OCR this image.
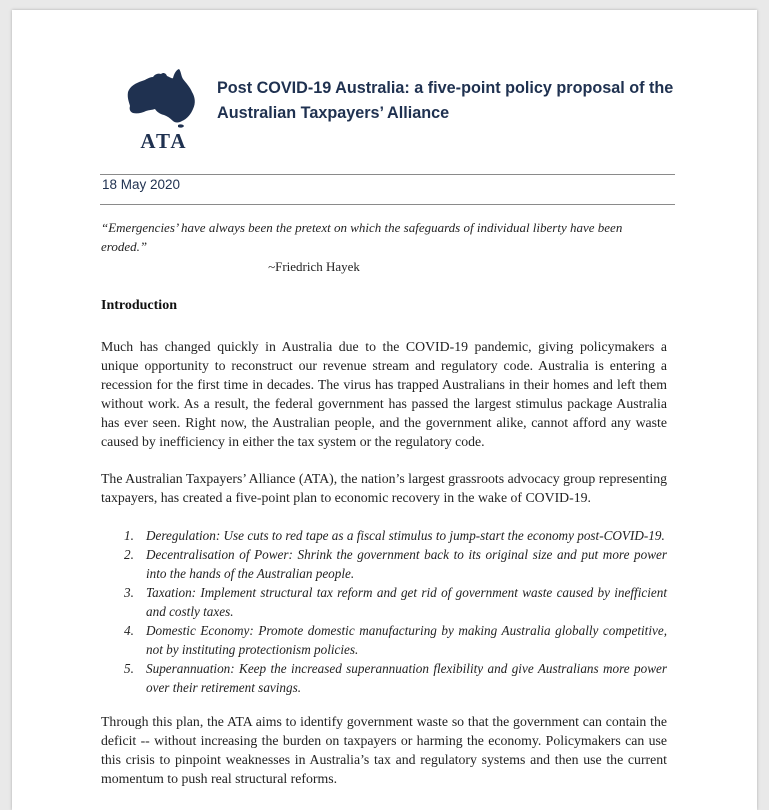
ATA
Post COVID-19 Australia: a five-point policy proposal of the Australian Taxpayers’ Alliance
18 May 2020
“Emergencies’ have always been the pretext on which the safeguards of individual liberty have been eroded.”
~Friedrich Hayek
Introduction
Much has changed quickly in Australia due to the COVID-19 pandemic, giving policymakers a unique opportunity to reconstruct our revenue stream and regulatory code. Australia is entering a recession for the first time in decades. The virus has trapped Australians in their homes and left them without work. As a result, the federal government has passed the largest stimulus package Australia has ever seen. Right now, the Australian people, and the government alike, cannot afford any waste caused by inefficiency in either the tax system or the regulatory code.
The Australian Taxpayers’ Alliance (ATA), the nation’s largest grassroots advocacy group representing taxpayers, has created a five-point plan to economic recovery in the wake of COVID-19.
1. Deregulation: Use cuts to red tape as a fiscal stimulus to jump-start the economy post-COVID-19.
2. Decentralisation of Power: Shrink the government back to its original size and put more power into the hands of the Australian people.
3. Taxation: Implement structural tax reform and get rid of government waste caused by inefficient and costly taxes.
4. Domestic Economy: Promote domestic manufacturing by making Australia globally competitive, not by instituting protectionism policies.
5. Superannuation: Keep the increased superannuation flexibility and give Australians more power over their retirement savings.
Through this plan, the ATA aims to identify government waste so that the government can contain the deficit -- without increasing the burden on taxpayers or harming the economy. Policymakers can use this crisis to pinpoint weaknesses in Australia’s tax and regulatory systems and then use the current momentum to push real structural reforms.
